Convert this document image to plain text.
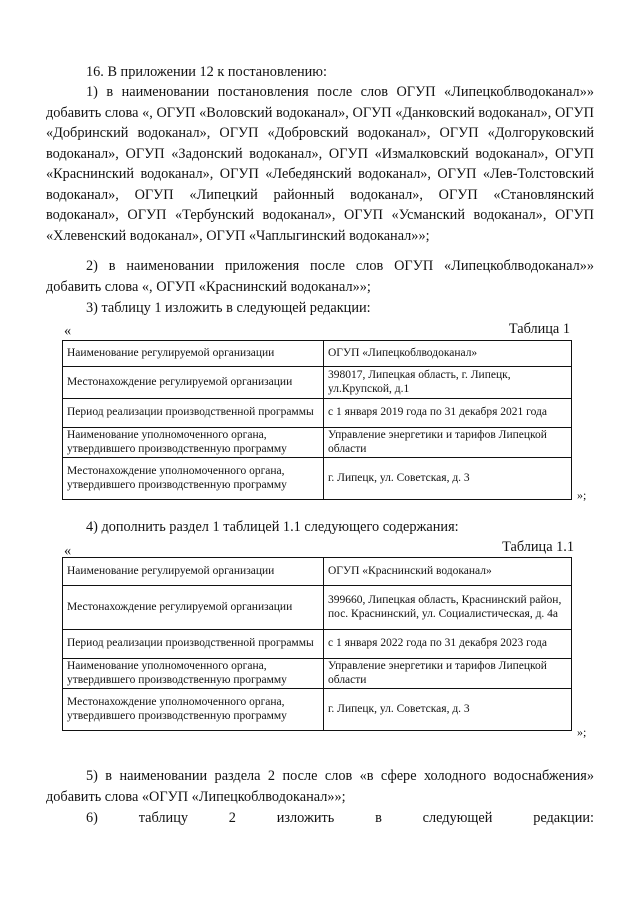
16. В приложении 12 к постановлению:
1) в наименовании постановления после слов ОГУП «Липецкоблводоканал»» добавить слова «, ОГУП «Воловский водоканал», ОГУП «Данковский водоканал», ОГУП «Добринский водоканал», ОГУП «Добровский водоканал», ОГУП «Долгоруковский водоканал», ОГУП «Задонский водоканал», ОГУП «Измалковский водоканал», ОГУП «Краснинский водоканал», ОГУП «Лебедянский водоканал», ОГУП «Лев-Толстовский водоканал», ОГУП «Липецкий районный водоканал», ОГУП «Становлянский водоканал», ОГУП «Тербунский водоканал», ОГУП «Усманский водоканал», ОГУП «Хлевенский водоканал», ОГУП «Чаплыгинский водоканал»»;
2) в наименовании приложения после слов ОГУП «Липецкоблводоканал»» добавить слова «, ОГУП «Краснинский водоканал»»;
3) таблицу 1 изложить в следующей редакции:
«	Таблица 1
Наименование регулируемой организации	ОГУП «Липецкоблводоканал»
Местонахождение регулируемой организации	398017, Липецкая область, г. Липецк, ул.Крупской, д.1
Период реализации производственной программы	с 1 января 2019 года по 31 декабря 2021 года
Наименование уполномоченного органа, утвердившего производственную программу	Управление энергетики и тарифов Липецкой области
Местонахождение уполномоченного органа, утвердившего производственную программу	г. Липецк, ул. Советская, д. 3
»;
4) дополнить раздел 1 таблицей 1.1 следующего содержания:
«	Таблица 1.1
Наименование регулируемой организации	ОГУП «Краснинский водоканал»
Местонахождение регулируемой организации	399660, Липецкая область, Краснинский район, пос. Краснинский, ул. Социалистическая, д. 4а
Период реализации производственной программы	с 1 января 2022 года по 31 декабря 2023 года
Наименование уполномоченного органа, утвердившего производственную программу	Управление энергетики и тарифов Липецкой области
Местонахождение уполномоченного органа, утвердившего производственную программу	г. Липецк, ул. Советская, д. 3
»;
5) в наименовании раздела 2 после слов «в сфере холодного водоснабжения» добавить слова «ОГУП «Липецкоблводоканал»»;
6)	таблицу	2	изложить	в	следующей	редакции:
